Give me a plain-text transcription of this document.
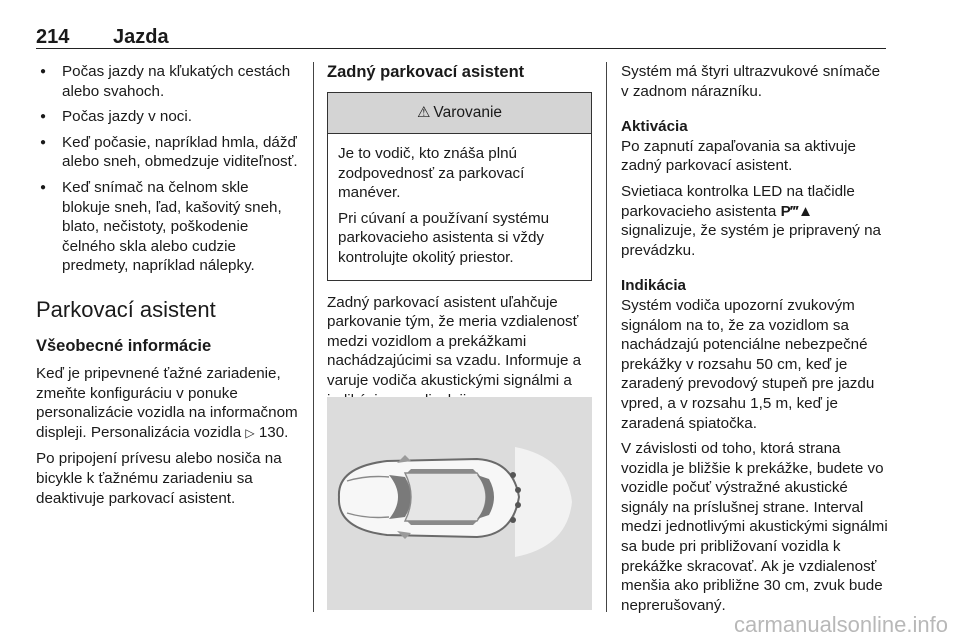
214 Jazda
● Počas jazdy na kľukatých cestách alebo svahoch.
● Počas jazdy v noci.
● Keď počasie, napríklad hmla, dážď alebo sneh, obmedzuje viditeľnosť.
● Keď snímač na čelnom skle blokuje sneh, ľad, kašovitý sneh, blato, nečistoty, poškodenie čelného skla alebo cudzie predmety, napríklad nálepky.
Parkovací asistent
Všeobecné informácie

Keď je pripevnené ťažné zariadenie, zmeňte konfiguráciu v ponuke personalizácie vozidla na informačnom displeji. Personalizácia vozidla ▷ 130.

Po pripojení prívesu alebo nosiča na bicykle k ťažnému zariadeniu sa deaktivuje parkovací asistent.

Zadný parkovací asistent
⚠ Varovanie

Je to vodič, kto znáša plnú zodpovednosť za parkovací manéver.

Pri cúvaní a používaní systému parkovacieho asistenta si vždy kontrolujte okolitý priestor.

Zadný parkovací asistent uľahčuje parkovanie tým, že meria vzdialenosť medzi vozidlom a prekážkami nachádzajúcimi sa vzadu. Informuje a varuje vodiča akustickými signálmi a

Systém má štyri ultrazvukové snímače v zadnom nárazníku.

Aktivácia

Po zapnutí zapaľovania sa aktivuje zadný parkovací asistent.

Svietiaca kontrolka LED na tlačidle parkovacieho asistenta P‴▲ signalizuje, že systém je pripravený na prevádzku.

Indikácia

Systém vodiča upozorní zvukovým signálom na to, že za vozidlom sa nachádzajú potenciálne nebezpečné prekážky v rozsahu 50 cm, keď je zaradený prevodový stupeň pre jazdu vpred, a v rozsahu 1,5 m, keď je zaradená spiatočka.

V závislosti od toho, ktorá strana vozidla je bližšie k prekážke, budete vo vozidle počuť výstražné akustické signály na príslušnej strane. Interval medzi jednotlivými akustickými signálmi sa bude pri približovaní vozidla k prekážke skracovať. Ak je vzdialenosť menšia ako približne 30 cm, zvuk bude neprerušovaný.

carmanualsonline.info
